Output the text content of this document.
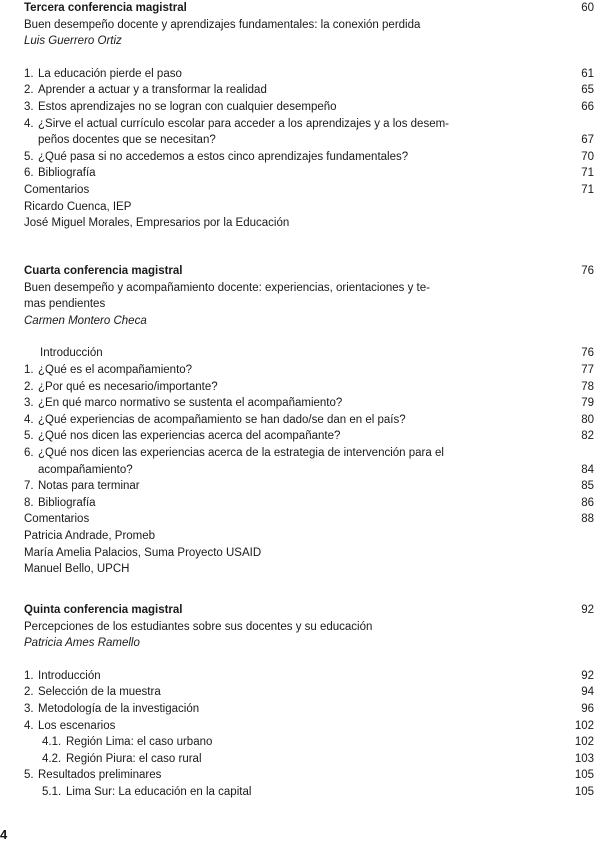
Tercera conferencia magistral	60
Buen desempeño docente y aprendizajes fundamentales: la conexión perdida
Luis Guerrero Ortiz
1. La educación pierde el paso	61
2. Aprender a actuar y a transformar la realidad	65
3. Estos aprendizajes no se logran con cualquier desempeño	66
4. ¿Sirve el actual currículo escolar para acceder a los aprendizajes y a los desem-
peños docentes que se necesitan?	67
5. ¿Qué pasa si no accedemos a estos cinco aprendizajes fundamentales?	70
6. Bibliografía	71
Comentarios	71
Ricardo Cuenca, IEP
José Miguel Morales, Empresarios por la Educación
Cuarta conferencia magistral	76
Buen desempeño y acompañamiento docente: experiencias, orientaciones y te-
mas pendientes
Carmen Montero Checa
Introducción	76
1. ¿Qué es el acompañamiento?	77
2. ¿Por qué es necesario/importante?	78
3. ¿En qué marco normativo se sustenta el acompañamiento?	79
4. ¿Qué experiencias de acompañamiento se han dado/se dan en el país?	80
5. ¿Qué nos dicen las experiencias acerca del acompañante?	82
6. ¿Qué nos dicen las experiencias acerca de la estrategia de intervención para el
acompañamiento?	84
7. Notas para terminar	85
8. Bibliografía	86
Comentarios	88
Patricia Andrade, Promeb
María Amelia Palacios, Suma Proyecto USAID
Manuel Bello, UPCH
Quinta conferencia magistral	92
Percepciones de los estudiantes sobre sus docentes y su educación
Patricia Ames Ramello
1. Introducción	92
2. Selección de la muestra	94
3. Metodología de la investigación	96
4. Los escenarios	102
4.1. Región Lima: el caso urbano	102
4.2. Región Piura: el caso rural	103
5. Resultados preliminares	105
5.1. Lima Sur: La educación en la capital	105
4
